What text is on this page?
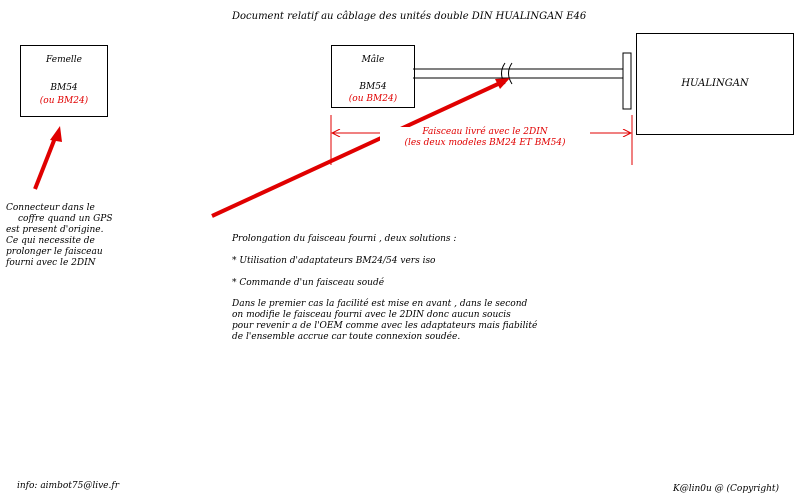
Document relatif au câblage des unités double DIN HUALINGAN E46
Femelle
BM54
(ou BM24)
Mâle
BM54
(ou BM24)
HUALINGAN
Faisceau livré avec le 2DIN
(les deux modeles BM24 ET BM54)
Connecteur dans le
coffre quand un GPS
est present d'origine.
Ce qui necessite de
prolonger le faisceau
fourni avec le 2DIN
Prolongation du faisceau fourni , deux solutions :
* Utilisation d'adaptateurs BM24/54 vers iso
* Commande d'un faisceau soudé
Dans le premier cas la facilité est mise en avant , dans le second
on modifie le faisceau fourni avec le 2DIN donc aucun soucis
pour revenir a de l'OEM comme avec les adaptateurs mais fiabilité
de l'ensemble accrue car toute connexion soudée.
info: aimbot75@live.fr	K@lin0u @ (Copyright)
